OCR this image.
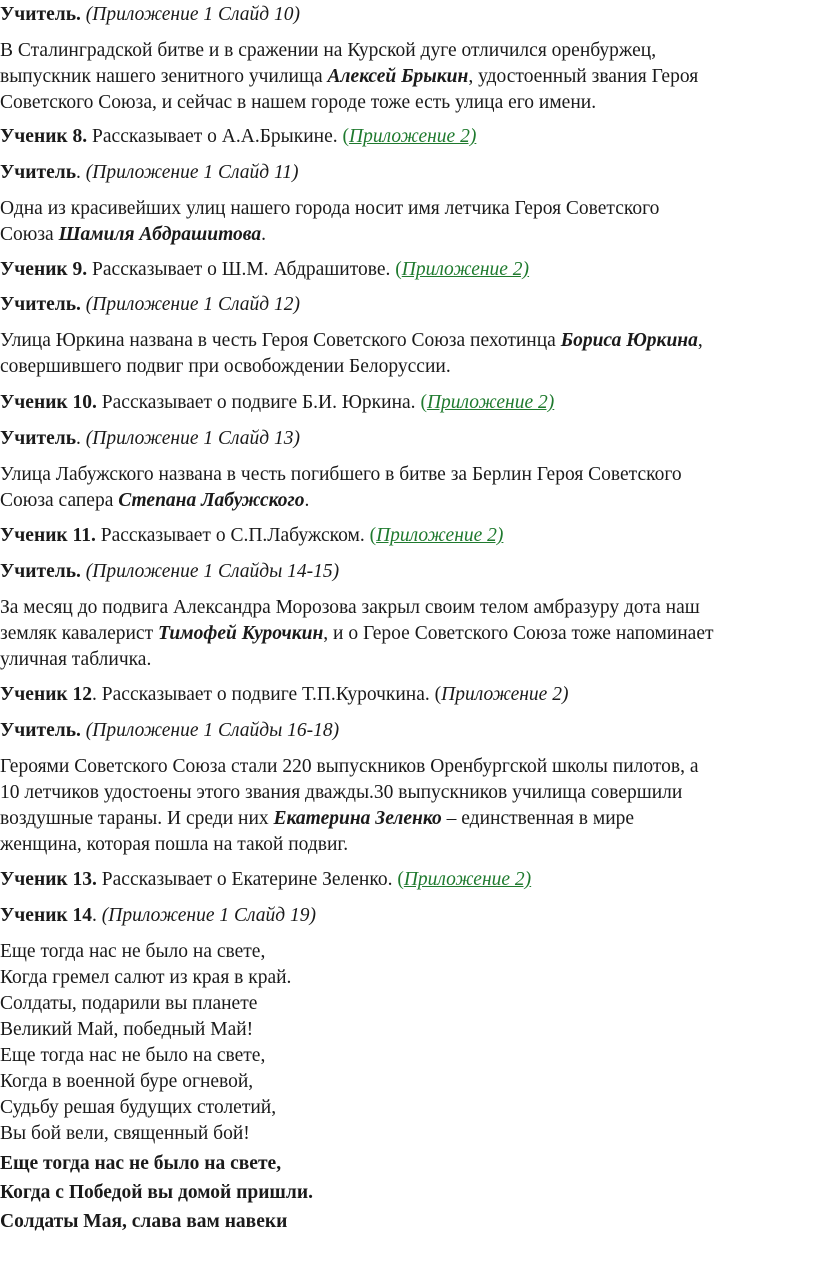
Учитель. (Приложение 1 Слайд 10)

В Сталинградской битве и в сражении на Курской дуге отличился оренбуржец,
выпускник нашего зенитного училища Алексей Брыкин, удостоенный звания Героя
Советского Союза, и сейчас в нашем городе тоже есть улица его имени.

Ученик 8. Рассказывает о А.А.Брыкине. (Приложение 2)

Учитель. (Приложение 1 Слайд 11)

Одна из красивейших улиц нашего города носит имя летчика Героя Советского
Союза Шамиля Абдрашитова.

Ученик 9. Рассказывает о Ш.М. Абдрашитове. (Приложение 2)

Учитель. (Приложение 1 Слайд 12)

Улица Юркина названа в честь Героя Советского Союза пехотинца Бориса Юркина,
совершившего подвиг при освобождении Белоруссии.

Ученик 10. Рассказывает о подвиге Б.И. Юркина. (Приложение 2)

Учитель. (Приложение 1 Слайд 13)

Улица Лабужского названа в честь погибшего в битве за Берлин Героя Советского
Союза сапера Степана Лабужского.

Ученик 11. Рассказывает о С.П.Лабужском. (Приложение 2)

Учитель. (Приложение 1 Слайды 14-15)

За месяц до подвига Александра Морозова закрыл своим телом амбразуру дота наш
земляк кавалерист Тимофей Курочкин, и о Герое Советского Союза тоже напоминает
уличная табличка.

Ученик 12. Рассказывает о подвиге Т.П.Курочкина. (Приложение 2)

Учитель. (Приложение 1 Слайды 16-18)

Героями Советского Союза стали 220 выпускников Оренбургской школы пилотов, а
10 летчиков удостоены этого звания дважды.30 выпускников училища совершили
воздушные тараны. И среди них Екатерина Зеленко – единственная в мире
женщина, которая пошла на такой подвиг.

Ученик 13. Рассказывает о Екатерине Зеленко. (Приложение 2)

Ученик 14. (Приложение 1 Слайд 19)

Еще тогда нас не было на свете,
Когда гремел салют из края в край.
Солдаты, подарили вы планете
Великий Май, победный Май!
Еще тогда нас не было на свете,
Когда в военной буре огневой,
Судьбу решая будущих столетий,
Вы бой вели, священный бой!
Еще тогда нас не было на свете,
Когда с Победой вы домой пришли.
Солдаты Мая, слава вам навеки
